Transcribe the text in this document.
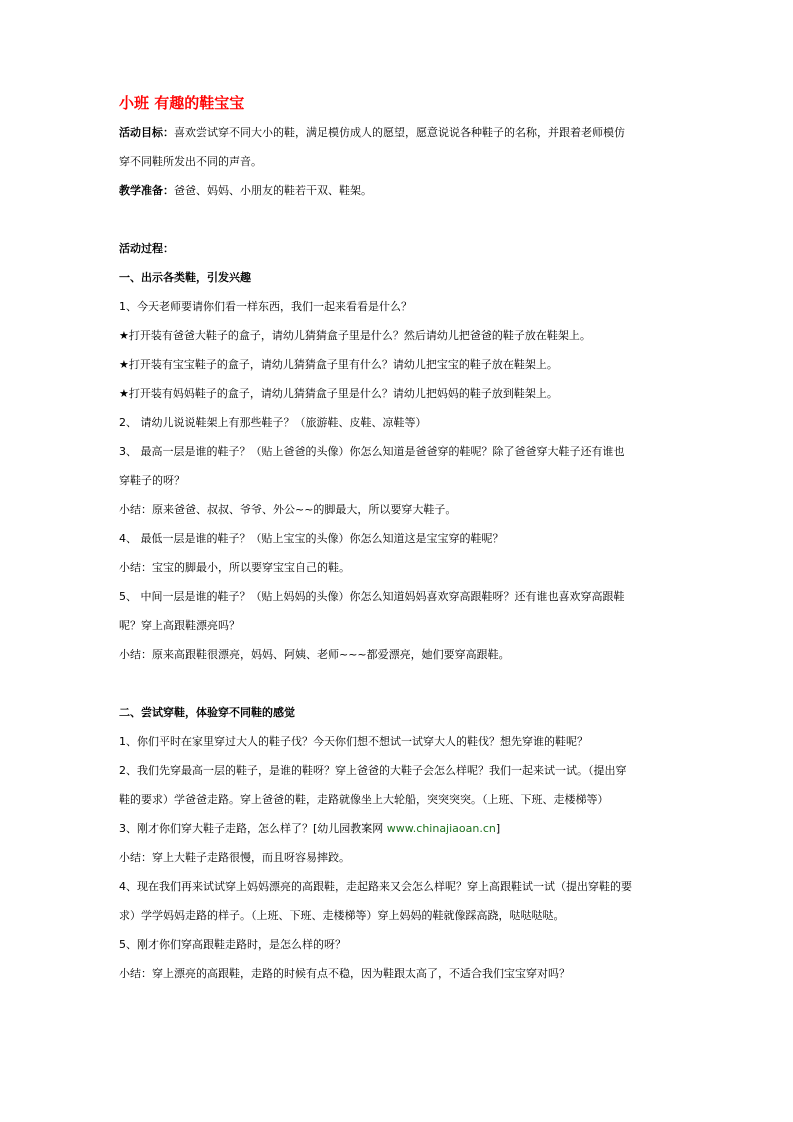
小班 有趣的鞋宝宝

活动目标：喜欢尝试穿不同大小的鞋，满足模仿成人的愿望，愿意说说各种鞋子的名称，并跟着老师模仿

穿不同鞋所发出不同的声音。

教学准备：爸爸、妈妈、小朋友的鞋若干双、鞋架。

活动过程：

一、出示各类鞋，引发兴趣

1、今天老师要请你们看一样东西，我们一起来看看是什么？

★打开装有爸爸大鞋子的盒子，请幼儿猜猜盒子里是什么？然后请幼儿把爸爸的鞋子放在鞋架上。

★打开装有宝宝鞋子的盒子，请幼儿猜猜盒子里有什么？请幼儿把宝宝的鞋子放在鞋架上。

★打开装有妈妈鞋子的盒子，请幼儿猜猜盒子里是什么？请幼儿把妈妈的鞋子放到鞋架上。

2、 请幼儿说说鞋架上有那些鞋子？（旅游鞋、皮鞋、凉鞋等）

3、 最高一层是谁的鞋子？（贴上爸爸的头像）你怎么知道是爸爸穿的鞋呢？除了爸爸穿大鞋子还有谁也

穿鞋子的呀？

小结：原来爸爸、叔叔、爷爷、外公~~的脚最大，所以要穿大鞋子。

4、 最低一层是谁的鞋子？（贴上宝宝的头像）你怎么知道这是宝宝穿的鞋呢？

小结：宝宝的脚最小，所以要穿宝宝自己的鞋。

5、 中间一层是谁的鞋子？（贴上妈妈的头像）你怎么知道妈妈喜欢穿高跟鞋呀？还有谁也喜欢穿高跟鞋

呢？穿上高跟鞋漂亮吗？

小结：原来高跟鞋很漂亮，妈妈、阿姨、老师~~~都爱漂亮，她们要穿高跟鞋。

二、尝试穿鞋，体验穿不同鞋的感觉

1、你们平时在家里穿过大人的鞋子伐？今天你们想不想试一试穿大人的鞋伐？想先穿谁的鞋呢？

2、我们先穿最高一层的鞋子，是谁的鞋呀？穿上爸爸的大鞋子会怎么样呢？我们一起来试一试。（提出穿

鞋的要求）学爸爸走路。穿上爸爸的鞋，走路就像坐上大轮船，突突突突。（上班、下班、走楼梯等）

3、刚才你们穿大鞋子走路，怎么样了？[幼儿园教案网 www.chinajiaoan.cn]

小结：穿上大鞋子走路很慢，而且呀容易摔跤。

4、现在我们再来试试穿上妈妈漂亮的高跟鞋，走起路来又会怎么样呢？穿上高跟鞋试一试（提出穿鞋的要

求）学学妈妈走路的样子。（上班、下班、走楼梯等）穿上妈妈的鞋就像踩高跷，哒哒哒哒。

5、刚才你们穿高跟鞋走路时，是怎么样的呀？

小结：穿上漂亮的高跟鞋，走路的时候有点不稳，因为鞋跟太高了，不适合我们宝宝穿对吗？
